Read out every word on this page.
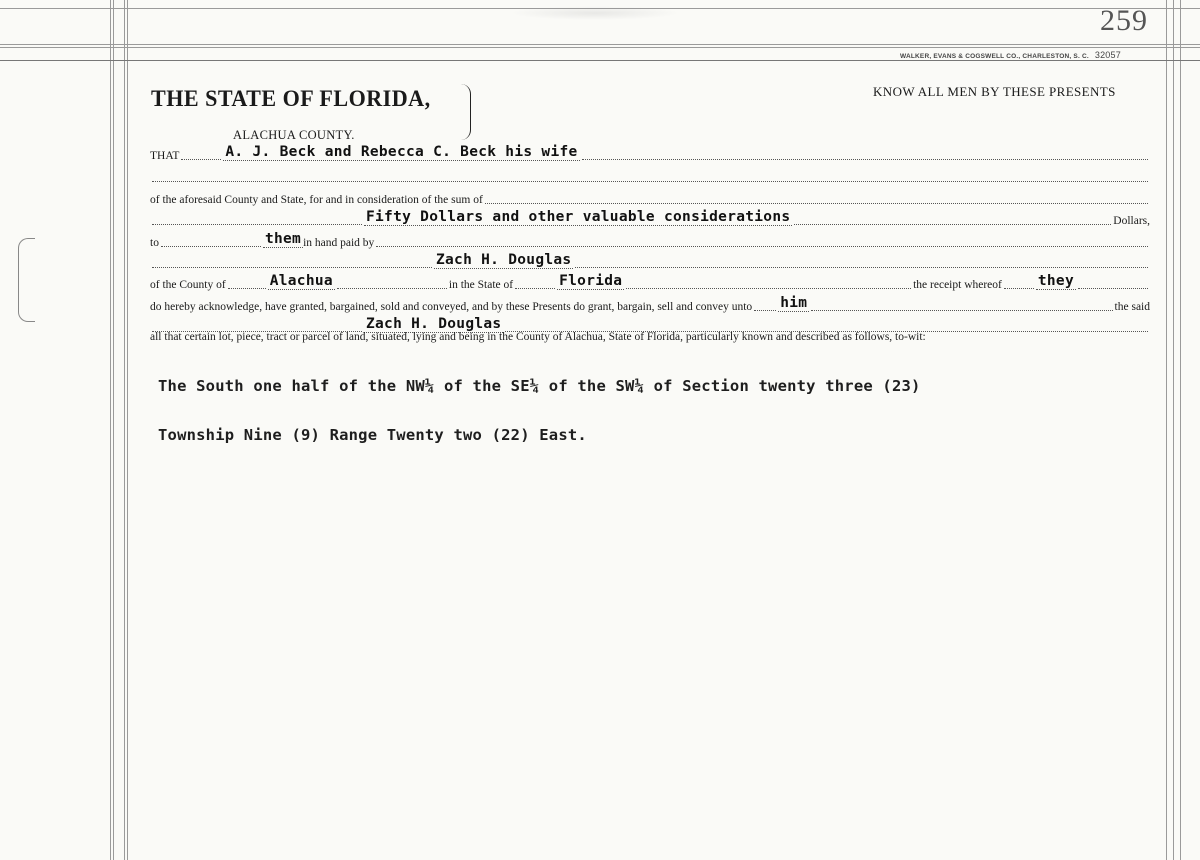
259
WALKER, EVANS & COGSWELL CO., CHARLESTON, S. C. 32057
THE STATE OF FLORIDA,	KNOW ALL MEN BY THESE PRESENTS
ALACHUA COUNTY.
THAT	A. J. Beck and Rebecca C. Beck his wife
of the aforesaid County and State, for and in consideration of the sum of
Fifty Dollars and other valuable considerations	Dollars,
to	them in hand paid by
Zach H. Douglas
of the County of	Alachua	in the State of	Florida	the receipt whereof they
do hereby acknowledge, have granted, bargained, sold and conveyed, and by these Presents do grant, bargain, sell and convey unto him	the said
Zach H. Douglas
all that certain lot, piece, tract or parcel of land, situated, lying and being in the County of Alachua, State of Florida, particularly known and described as follows, to-wit:
The South one half of the NW¼ of the SE¼ of the SW¼ of Section twenty three (23)
Township Nine (9) Range Twenty two (22) East.
